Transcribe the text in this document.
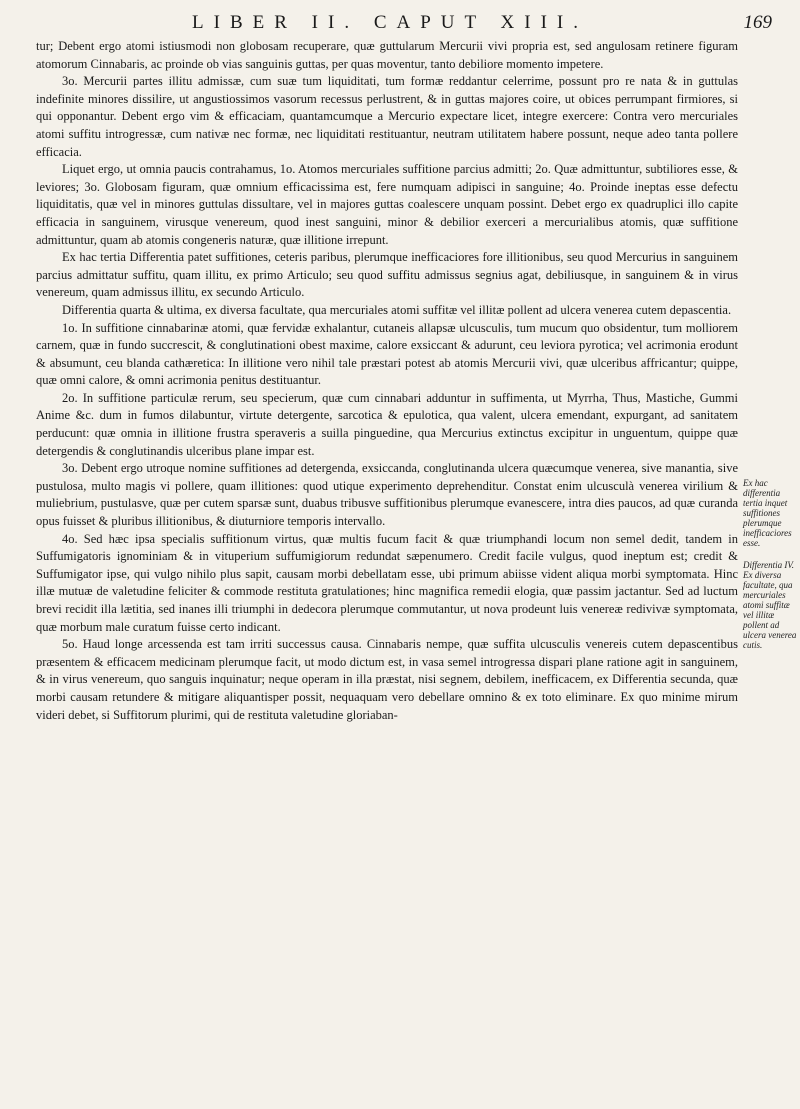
LIBER II. CAPUT XIII.	169

tur; Debent ergo atomi istiusmodi non globosam recuperare, quæ guttularum Mercurii vivi propria est, sed angulosam retinere figuram atomorum Cinnabaris, ac proinde ob vias sanguinis guttas, per quas moventur, tanto debiliore momento impetere.

3o. Mercurii partes illitu admissæ, cum suæ tum liquiditati, tum formæ reddantur celerrime, possunt pro re nata & in guttulas indefinite minores dissilire, ut angustiossimos vasorum recessus perlustrent, & in guttas majores coire, ut obices perrumpant firmiores, si qui opponantur. Debent ergo vim & efficaciam, quantamcumque a Mercurio expectare licet, integre exercere: Contra vero mercuriales atomi suffitu introgressæ, cum nativæ nec formæ, nec liquiditati restituantur, neutram utilitatem habere possunt, neque adeo tanta pollere efficacia.

Liquet ergo, ut omnia paucis contrahamus, 1o. Atomos mercuriales suffitione parcius admitti; 2o. Quæ admittuntur, subtiliores esse, & leviores; 3o. Globosam figuram, quæ omnium efficacissima est, fere numquam adipisci in sanguine; 4o. Proinde ineptas esse defectu liquiditatis, quæ vel in minores guttulas dissultare, vel in majores guttas coalescere unquam possint. Debet ergo ex quadruplici illo capite efficacia in sanguinem, virusque venereum, quod inest sanguini, minor & debilior exerceri a mercurialibus atomis, quæ suffitione admittuntur, quam ab atomis congeneris naturæ, quæ illitione irrepunt.

Ex hac tertia Differentia patet suffitiones, ceteris paribus, plerumque inefficaciores fore illitionibus, seu quod Mercurius in sanguinem parcius admittatur suffitu, quam illitu, ex primo Articulo; seu quod suffitu admissus segnius agat, debiliusque, in sanguinem & in virus venereum, quam admissus illitu, ex secundo Articulo.

Differentia quarta & ultima, ex diversa facultate, qua mercuriales atomi suffitæ vel illitæ pollent ad ulcera venerea cutem depascentia.

1o. In suffitione cinnabarinæ atomi, quæ fervidæ exhalantur, cutaneis allapsæ ulcusculis, tum mucum quo obsidentur, tum molliorem carnem, quæ in fundo succrescit, & conglutinationi obest maxime, calore exsiccant & adurunt, ceu leviora pyrotica; vel acrimonia erodunt & absumunt, ceu blanda cathæretica: In illitione vero nihil tale præstari potest ab atomis Mercurii vivi, quæ ulceribus affricantur; quippe, quæ omni calore, & omni acrimonia penitus destituantur.

2o. In suffitione particulæ rerum, seu specierum, quæ cum cinnabari adduntur in suffimenta, ut Myrrha, Thus, Mastiche, Gummi Anime &c. dum in fumos dilabuntur, virtute detergente, sarcotica & epulotica, qua valent, ulcera emendant, expurgant, ad sanitatem perducunt: quæ omnia in illitione frustra speraveris a suilla pinguedine, qua Mercurius extinctus excipitur in unguentum, quippe quæ detergendis & conglutinandis ulceribus plane impar est.

3o. Debent ergo utroque nomine suffitiones ad detergenda, exsiccanda, conglutinanda ulcera quæcumque venerea, sive manantia, sive pustulosa, multo magis vi pollere, quam illitiones: quod utique experimento deprehenditur. Constat enim ulcusculà venerea virilium & muliebrium, pustulasve, quæ per cutem sparsæ sunt, duabus tribusve suffitionibus plerumque evanescere, intra dies paucos, ad quæ curanda opus fuisset & pluribus illitionibus, & diuturniore temporis intervallo.

4o. Sed hæc ipsa specialis suffitionum virtus, quæ multis fucum facit & quæ triumphandi locum non semel dedit, tandem in Suffumigatoris ignominiam & in vituperium suffumigiorum redundat sæpenumero. Credit facile vulgus, quod ineptum est; credit & Suffumigator ipse, qui vulgo nihilo plus sapit, causam morbi debellatam esse, ubi primum abiisse vident aliqua morbi symptomata. Hinc illæ mutuæ de valetudine feliciter & commode restituta gratulationes; hinc magnifica remedii elogia, quæ passim jactantur. Sed ad luctum brevi recidit illa lætitia, sed inanes illi triumphi in dedecora plerumque commutantur, ut nova prodeunt luis venereæ redivivæ symptomata, quæ morbum male curatum fuisse certo indicant.

5o. Haud longe arcessenda est tam irriti successus causa. Cinnabaris nempe, quæ suffita ulcusculis venereis cutem depascentibus præsentem & efficacem medicinam plerumque facit, ut modo dictum est, in vasa semel introgressa dispari plane ratione agit in sanguinem, & in virus venereum, quo sanguis inquinatur; neque operam in illa præstat, nisi segnem, debilem, inefficacem, ex Differentia secunda, quæ morbi causam retundere & mitigare aliquantisper possit, nequaquam vero debellare omnino & ex toto eliminare. Ex quo minime mirum videri debet, si Suffitorum plurimi, qui de restituta valetudine gloriaban-

Ex hac differentia tertia inquet suffitiones plerumque inefficaciores esse.
Differentia IV. Ex diversa facultate, qua mercuriales atomi suffitæ vel illitæ pollent ad ulcera venerea cutis.
